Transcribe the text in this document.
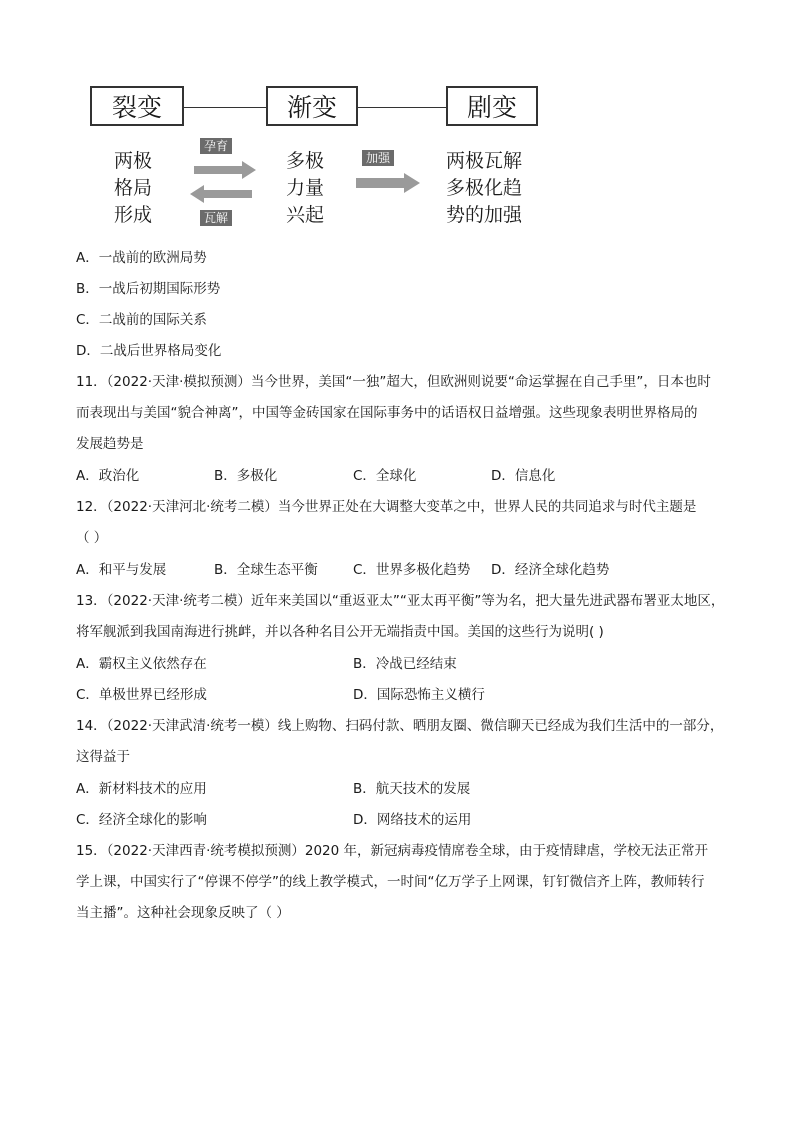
裂变	渐变	剧变
两极
格局
形成
孕育
瓦解
多极
力量
兴起
加强	两极瓦解
多极化趋
势的加强
A．一战前的欧洲局势
B．一战后初期国际形势
C．二战前的国际关系
D．二战后世界格局变化
11．（2022·天津·模拟预测）当今世界，美国“一独”超大，但欧洲则说要“命运掌握在自己手里”，日本也时
而表现出与美国“貌合神离”，中国等金砖国家在国际事务中的话语权日益增强。这些现象表明世界格局的
发展趋势是
A．政治化	B．多极化	C．全球化	D．信息化
12．（2022·天津河北·统考二模）当今世界正处在大调整大变革之中，世界人民的共同追求与时代主题是
（ ）
A．和平与发展	B．全球生态平衡	C．世界多极化趋势 D．经济全球化趋势
13．（2022·天津·统考二模）近年来美国以“重返亚太”“亚太再平衡”等为名，把大量先进武器布署亚太地区，
将军舰派到我国南海进行挑衅，并以各种名目公开无端指责中国。美国的这些行为说明( )
A．霸权主义依然存在	B．冷战已经结束
C．单极世界已经形成	D．国际恐怖主义横行
14．（2022·天津武清·统考一模）线上购物、扫码付款、晒朋友圈、微信聊天已经成为我们生活中的一部分，
这得益于
A．新材料技术的应用	B．航天技术的发展
C．经济全球化的影响	D．网络技术的运用
15．（2022·天津西青·统考模拟预测）2020 年，新冠病毒疫情席卷全球，由于疫情肆虐，学校无法正常开
学上课，中国实行了“停课不停学”的线上教学模式，一时间“亿万学子上网课，钉钉微信齐上阵，教师转行
当主播”。这种社会现象反映了（ ）
